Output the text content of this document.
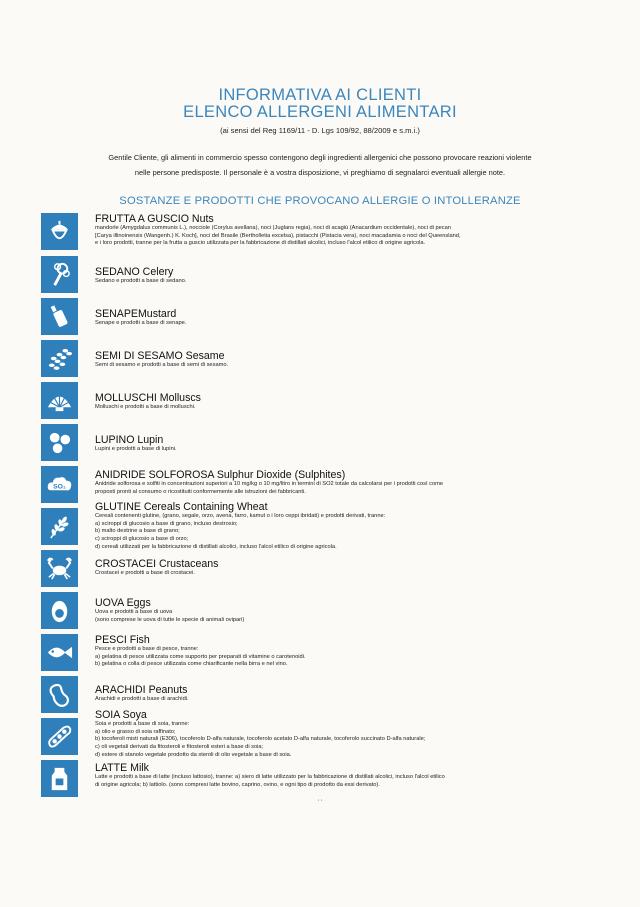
INFORMATIVA AI CLIENTI
ELENCO ALLERGENI ALIMENTARI
(ai sensi del Reg 1169/11 - D. Lgs 109/92, 88/2009 e s.m.i.)
Gentile Cliente, gli alimenti in commercio spesso contengono degli ingredienti allergenici che possono provocare reazioni violente
nelle persone predisposte. Il personale è a vostra disposizione, vi preghiamo di segnalarci eventuali allergie note.
SOSTANZE E PRODOTTI CHE PROVOCANO ALLERGIE O INTOLLERANZE
FRUTTA A GUSCIO Nuts
mandorle (Amygdalus communis L.), nocciole (Corylus avellana), noci (Juglans regia), noci di acagiù (Anacardium occidentale), noci di pecan
[Carya illinoinensis (Wangenh.) K. Koch], noci del Brasile (Bertholletia excelsa), pistacchi (Pistacia vera), noci macadamia o noci del Queensland,
e i loro prodotti, tranne per la frutta a guscio utilizzata per la fabbricazione di distillati alcolici, incluso l'alcol etilico di origine agricola.
SEDANO Celery
Sedano e prodotti a base di sedano.
SENAPEMustard
Senape e prodotti a base di senape.
SEMI DI SESAMO Sesame
Semi di sesamo e prodotti a base di semi di sesamo.
MOLLUSCHI Molluscs
Molluschi e prodotti a base di molluschi.
LUPINO Lupin
Lupini e prodotti a base di lupini.
SO₂
ANIDRIDE SOLFOROSA Sulphur Dioxide (Sulphites)
Anidride solforosa e solfiti in concentrazioni superiori a 10 mg/kg o 10 mg/litro in termini di SO2 totale da calcolarsi per i prodotti così come
proposti pronti al consumo o ricostituiti conformemente alle istruzioni dei fabbricanti.
GLUTINE Cereals Containing Wheat
Cereali contenenti glutine, (grano, segale, orzo, avena, farro, kamut o i loro ceppi ibridati) e prodotti derivati, tranne:
a) sciroppi di glucosio a base di grano, incluso destrosio;
b) malto destrine a base di grano;
c) sciroppi di glucosio a base di orzo;
d) cereali utilizzati per la fabbricazione di distillati alcolici, incluso l'alcol etilico di origine agricola.
CROSTACEI Crustaceans
Crostacei e prodotti a base di crostacei.
UOVA Eggs
Uova e prodotti a base di uova
(sono comprese le uova di tutte le specie di animali ovipari)
PESCI Fish
Pesce e prodotti a base di pesce, tranne:
a) gelatina di pesce utilizzata come supporto per preparati di vitamine o carotenoidi.
b) gelatina o colla di pesce utilizzata come chiarificante nella birra e nel vino.
ARACHIDI Peanuts
Arachidi e prodotti a base di arachidi.
SOIA Soya
Soia e prodotti a base di soia, tranne:
a) olio e grasso di soia raffinato;
b) tocoferoli misti naturali (E306), tocoferolo D-alfa naturale, tocoferolo acetato D-alfa naturale, tocoferolo succinato D-alfa naturale;
c) oli vegetali derivati da fitosteroli e fitosteroli esteri a base di soia;
d) estere di stanolo vegetale prodotto da steroli di olio vegetale a base di soia.
LATTE Milk
Latte e prodotti a base di latte (incluso lattosio), tranne: a) siero di latte utilizzato per la fabbricazione di distillati alcolici, incluso l'alcol etilico
di origine agricola; b) lattiolo. (sono compresi latte bovino, caprino, ovino, e ogni tipo di prodotto da essi derivato).
' '
